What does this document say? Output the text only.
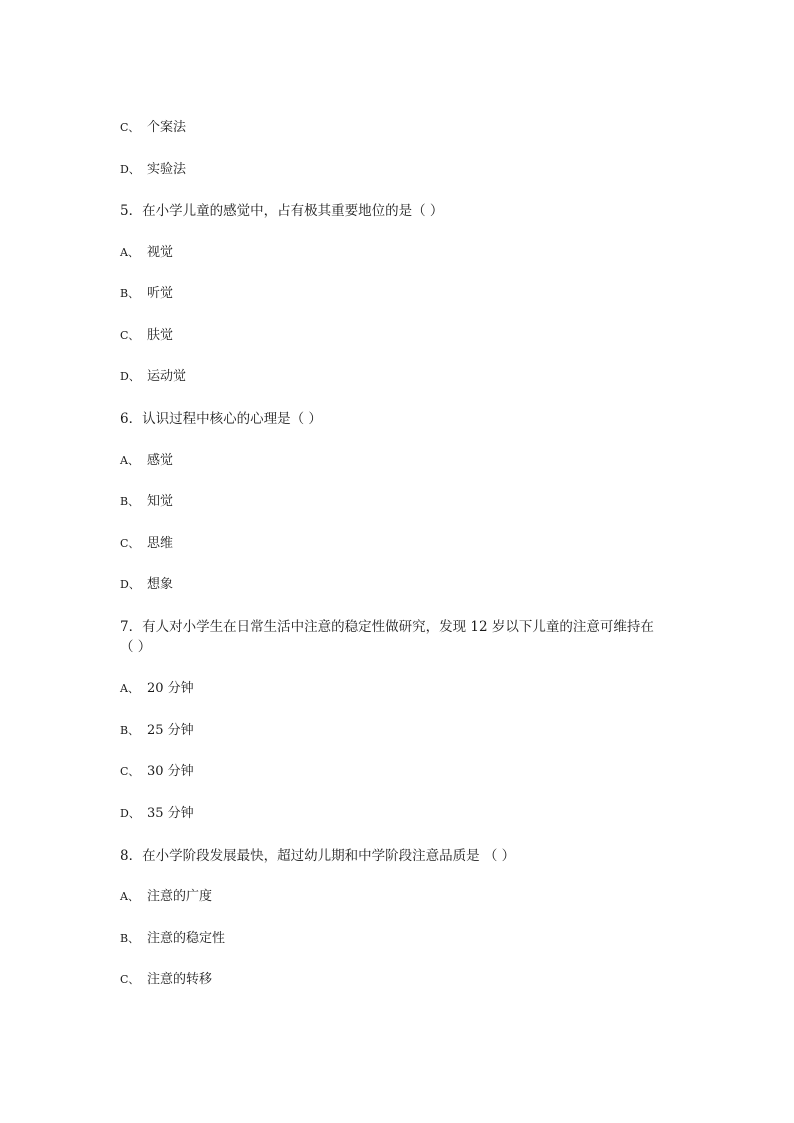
C、 个案法
D、 实验法
5．在小学儿童的感觉中，占有极其重要地位的是（ ）
A、 视觉
B、 听觉
C、 肤觉
D、 运动觉
6．认识过程中核心的心理是（ ）
A、 感觉
B、 知觉
C、 思维
D、 想象
7．有人对小学生在日常生活中注意的稳定性做研究，发现 12 岁以下儿童的注意可维持在
（ ）
A、 20 分钟
B、 25 分钟
C、 30 分钟
D、 35 分钟
8．在小学阶段发展最快，超过幼儿期和中学阶段注意品质是 （ ）
A、 注意的广度
B、 注意的稳定性
C、 注意的转移
